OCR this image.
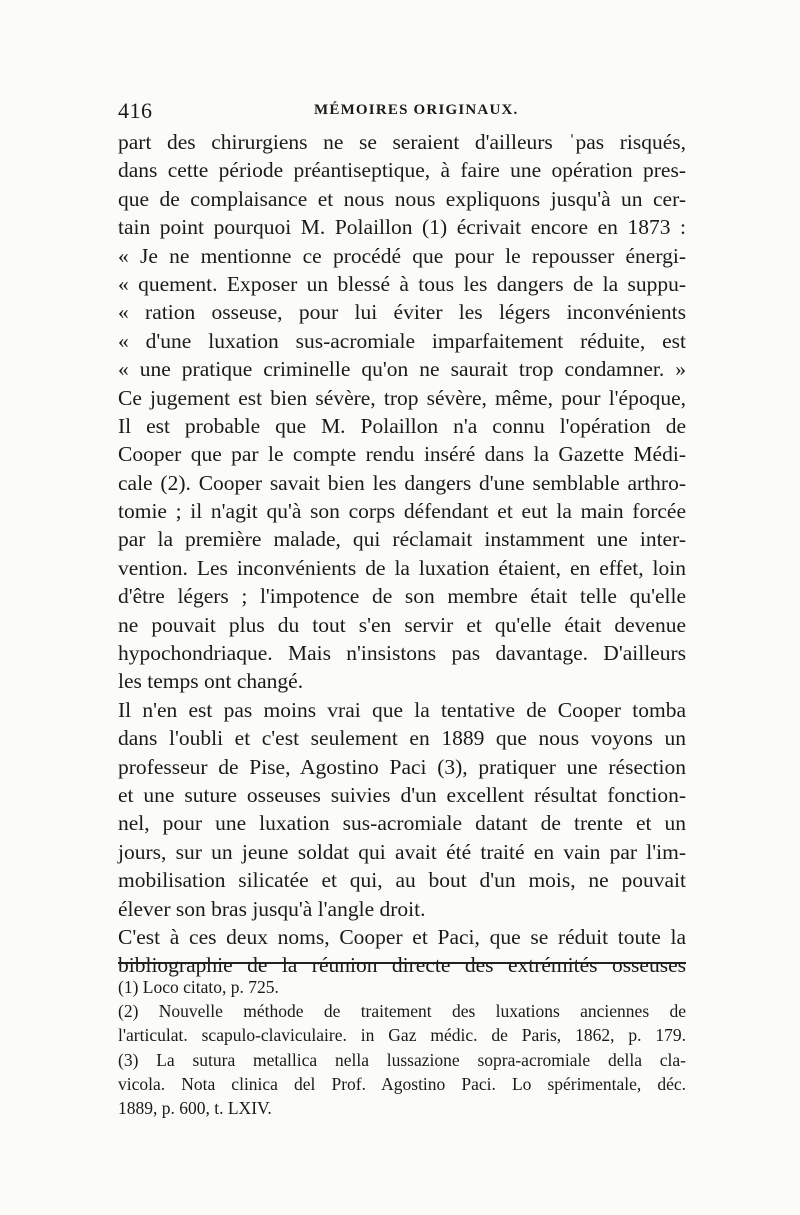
416	MÉMOIRES ORIGINAUX.
part des chirurgiens ne se seraient d'ailleurs ˈpas risqués,
dans cette période préantiseptique, à faire une opération pres-
que de complaisance et nous nous expliquons jusqu'à un cer-
tain point pourquoi M. Polaillon (1) écrivait encore en 1873 :
« Je ne mentionne ce procédé que pour le repousser énergi-
« quement. Exposer un blessé à tous les dangers de la suppu-
« ration osseuse, pour lui éviter les légers inconvénients
« d'une luxation sus-acromiale imparfaitement réduite, est
« une pratique criminelle qu'on ne saurait trop condamner. »
Ce jugement est bien sévère, trop sévère, même, pour l'époque,
Il est probable que M. Polaillon n'a connu l'opération de
Cooper que par le compte rendu inséré dans la Gazette Médi-
cale (2). Cooper savait bien les dangers d'une semblable arthro-
tomie ; il n'agit qu'à son corps défendant et eut la main forcée
par la première malade, qui réclamait instamment une inter-
vention. Les inconvénients de la luxation étaient, en effet, loin
d'être légers ; l'impotence de son membre était telle qu'elle
ne pouvait plus du tout s'en servir et qu'elle était devenue
hypochondriaque. Mais n'insistons pas davantage. D'ailleurs
les temps ont changé.
Il n'en est pas moins vrai que la tentative de Cooper tomba
dans l'oubli et c'est seulement en 1889 que nous voyons un
professeur de Pise, Agostino Paci (3), pratiquer une résection
et une suture osseuses suivies d'un excellent résultat fonction-
nel, pour une luxation sus-acromiale datant de trente et un
jours, sur un jeune soldat qui avait été traité en vain par l'im-
mobilisation silicatée et qui, au bout d'un mois, ne pouvait
élever son bras jusqu'à l'angle droit.
C'est à ces deux noms, Cooper et Paci, que se réduit toute la
bibliographie de la réunion directe des extrémités osseuses
(1) Loco citato, p. 725.
(2) Nouvelle méthode de traitement des luxations anciennes de
l'articulat. scapulo-claviculaire. in Gaz médic. de Paris, 1862, p. 179.
(3) La sutura metallica nella lussazione sopra-acromiale della cla-
vicola. Nota clinica del Prof. Agostino Paci. Lo spérimentale, déc.
1889, p. 600, t. LXIV.
